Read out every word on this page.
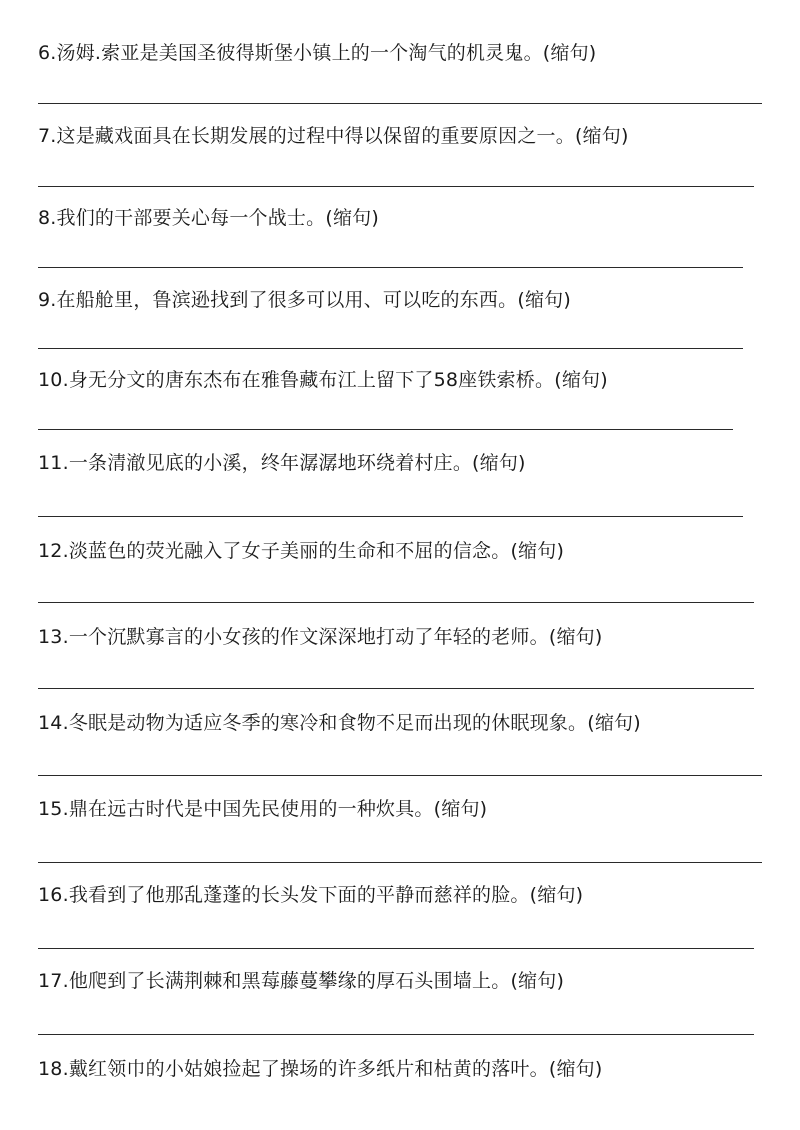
6.汤姆.索亚是美国圣彼得斯堡小镇上的一个淘气的机灵鬼。(缩句)
7.这是藏戏面具在长期发展的过程中得以保留的重要原因之一。(缩句)
8.我们的干部要关心每一个战士。(缩句)
9.在船舱里，鲁滨逊找到了很多可以用、可以吃的东西。(缩句)
10.身无分文的唐东杰布在雅鲁藏布江上留下了58座铁索桥。(缩句)
11.一条清澈见底的小溪，终年潺潺地环绕着村庄。(缩句)
12.淡蓝色的荧光融入了女子美丽的生命和不屈的信念。(缩句)
13.一个沉默寡言的小女孩的作文深深地打动了年轻的老师。(缩句)
14.冬眠是动物为适应冬季的寒冷和食物不足而出现的休眠现象。(缩句)
15.鼎在远古时代是中国先民使用的一种炊具。(缩句)
16.我看到了他那乱蓬蓬的长头发下面的平静而慈祥的脸。(缩句)
17.他爬到了长满荆棘和黑莓藤蔓攀缘的厚石头围墙上。(缩句)
18.戴红领巾的小姑娘捡起了操场的许多纸片和枯黄的落叶。(缩句)
